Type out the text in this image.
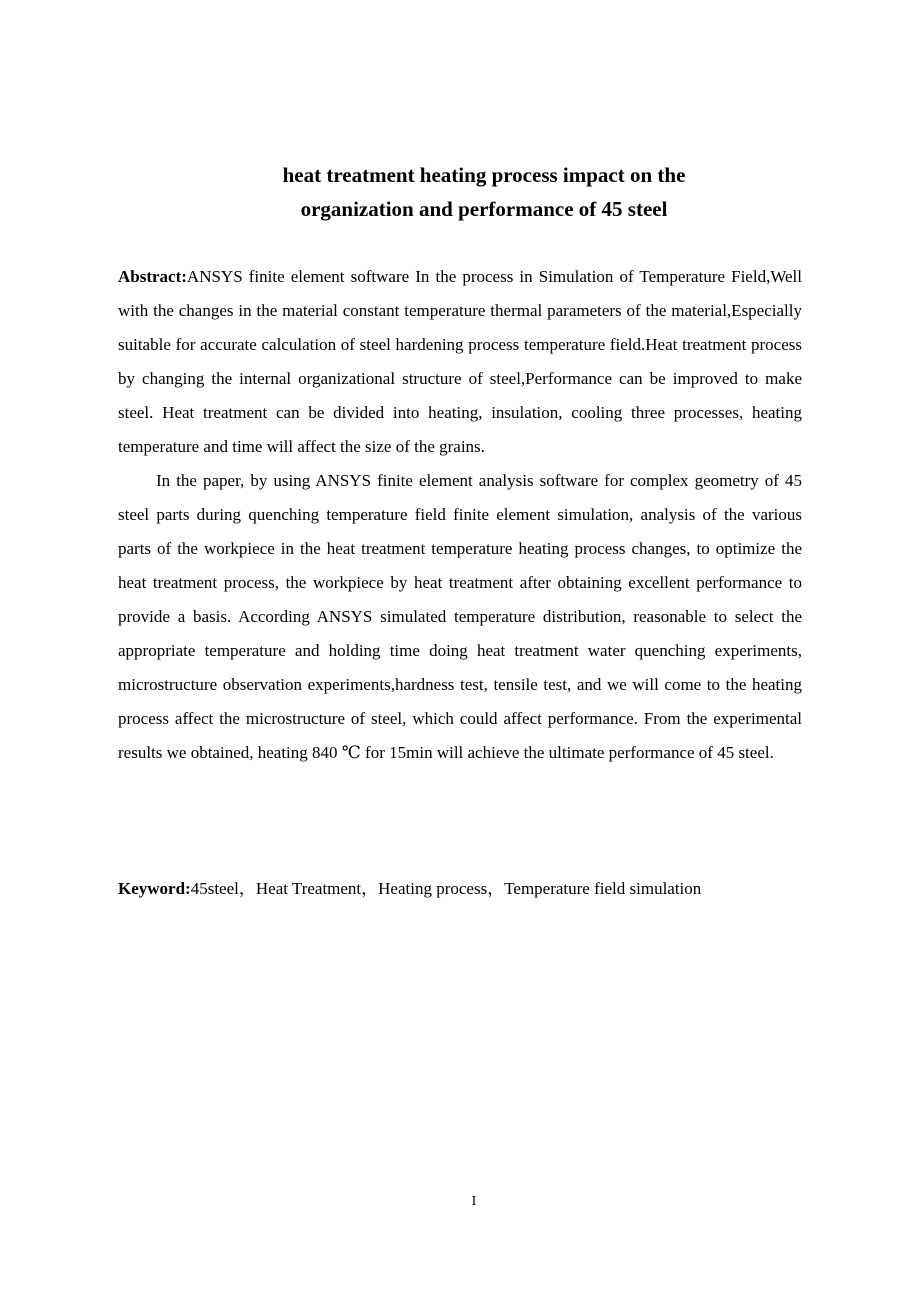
heat treatment heating process impact on the
organization and performance of 45 steel

Abstract:ANSYS finite element software In the process in Simulation of Temperature Field,Well with the changes in the material constant temperature thermal parameters of the material,Especially suitable for accurate calculation of steel hardening process temperature field.Heat treatment process by changing the internal organizational structure of steel,Performance can be improved to make steel. Heat treatment can be divided into heating, insulation, cooling three processes, heating temperature and time will affect the size of the grains.

In the paper, by using ANSYS finite element analysis software for complex geometry of 45 steel parts during quenching temperature field finite element simulation, analysis of the various parts of the workpiece in the heat treatment temperature heating process changes, to optimize the heat treatment process, the workpiece by heat treatment after obtaining excellent performance to provide a basis. According ANSYS simulated temperature distribution, reasonable to select the appropriate temperature and holding time doing heat treatment water quenching experiments, microstructure observation experiments,hardness test, tensile test, and we will come to the heating process affect the microstructure of steel, which could affect performance. From the experimental results we obtained, heating 840 ℃ for 15min will achieve the ultimate performance of 45 steel.

Keyword:45steel，Heat Treatment，Heating process，Temperature field simulation
I
